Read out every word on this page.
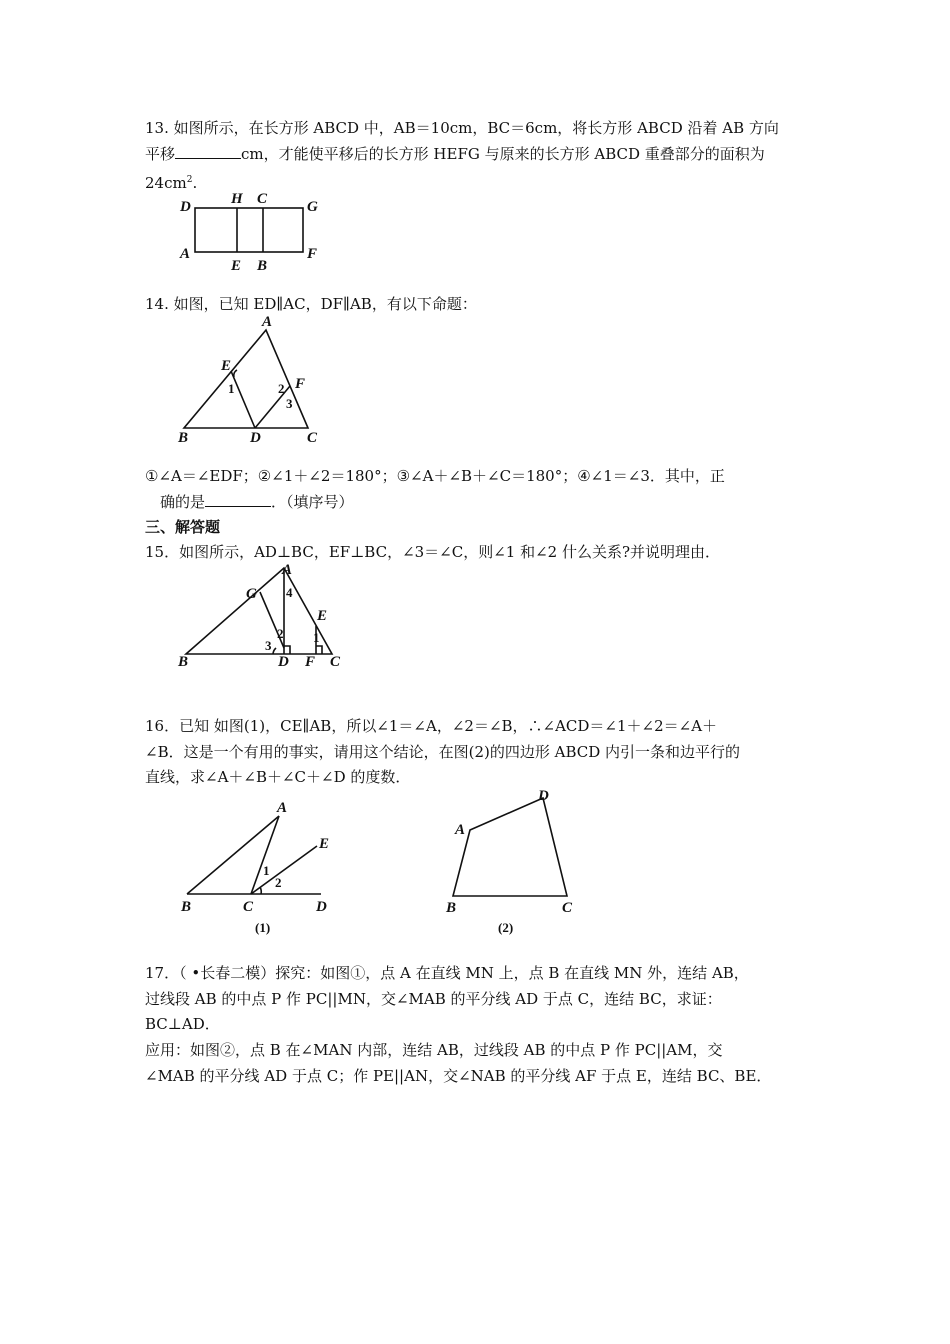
13. 如图所示，在长方形 ABCD 中，AB＝10cm，BC＝6cm，将长方形 ABCD 沿着 AB 方向
平移	cm，才能使平移后的长方形 HEFG 与原来的长方形 ABCD 重叠部分的面积为
$24cm^2$.
D	H C	G
A
E B
F
14. 如图，已知 ED∥AC，DF∥AB，有以下命题：
A
E
F
B	D	C
1	2
3
①∠A＝∠EDF；②∠1＋∠2＝180°；③∠A＋∠B＋∠C＝180°；④∠1＝∠3．其中，正
确的是	．（填序号）
三、解答题
15．如图所示，AD⊥BC，EF⊥BC，∠3＝∠C，则∠1 和∠2 什么关系?并说明理由．
A
G
E
B	D F C
1
2
3
4
16．已知 如图(1)，CE∥AB，所以∠1＝∠A，∠2＝∠B，∴∠ACD＝∠1＋∠2＝∠A＋
∠B．这是一个有用的事实，请用这个结论，在图(2)的四边形 ABCD 内引一条和边平行的
直线，求∠A＋∠B＋∠C＋∠D 的度数．
A
E
B	C	D
1
2
(1)
A
D
B	C
(2)
17．（ •长春二模）探究：如图①，点 A 在直线 MN 上，点 B 在直线 MN 外，连结 AB，
过线段 AB 的中点 P 作 PC||MN，交∠MAB 的平分线 AD 于点 C，连结 BC，求证：
BC⊥AD．
应用：如图②，点 B 在∠MAN 内部，连结 AB，过线段 AB 的中点 P 作 PC||AM，交
∠MAB 的平分线 AD 于点 C；作 PE||AN，交∠NAB 的平分线 AF 于点 E，连结 BC、BE．
